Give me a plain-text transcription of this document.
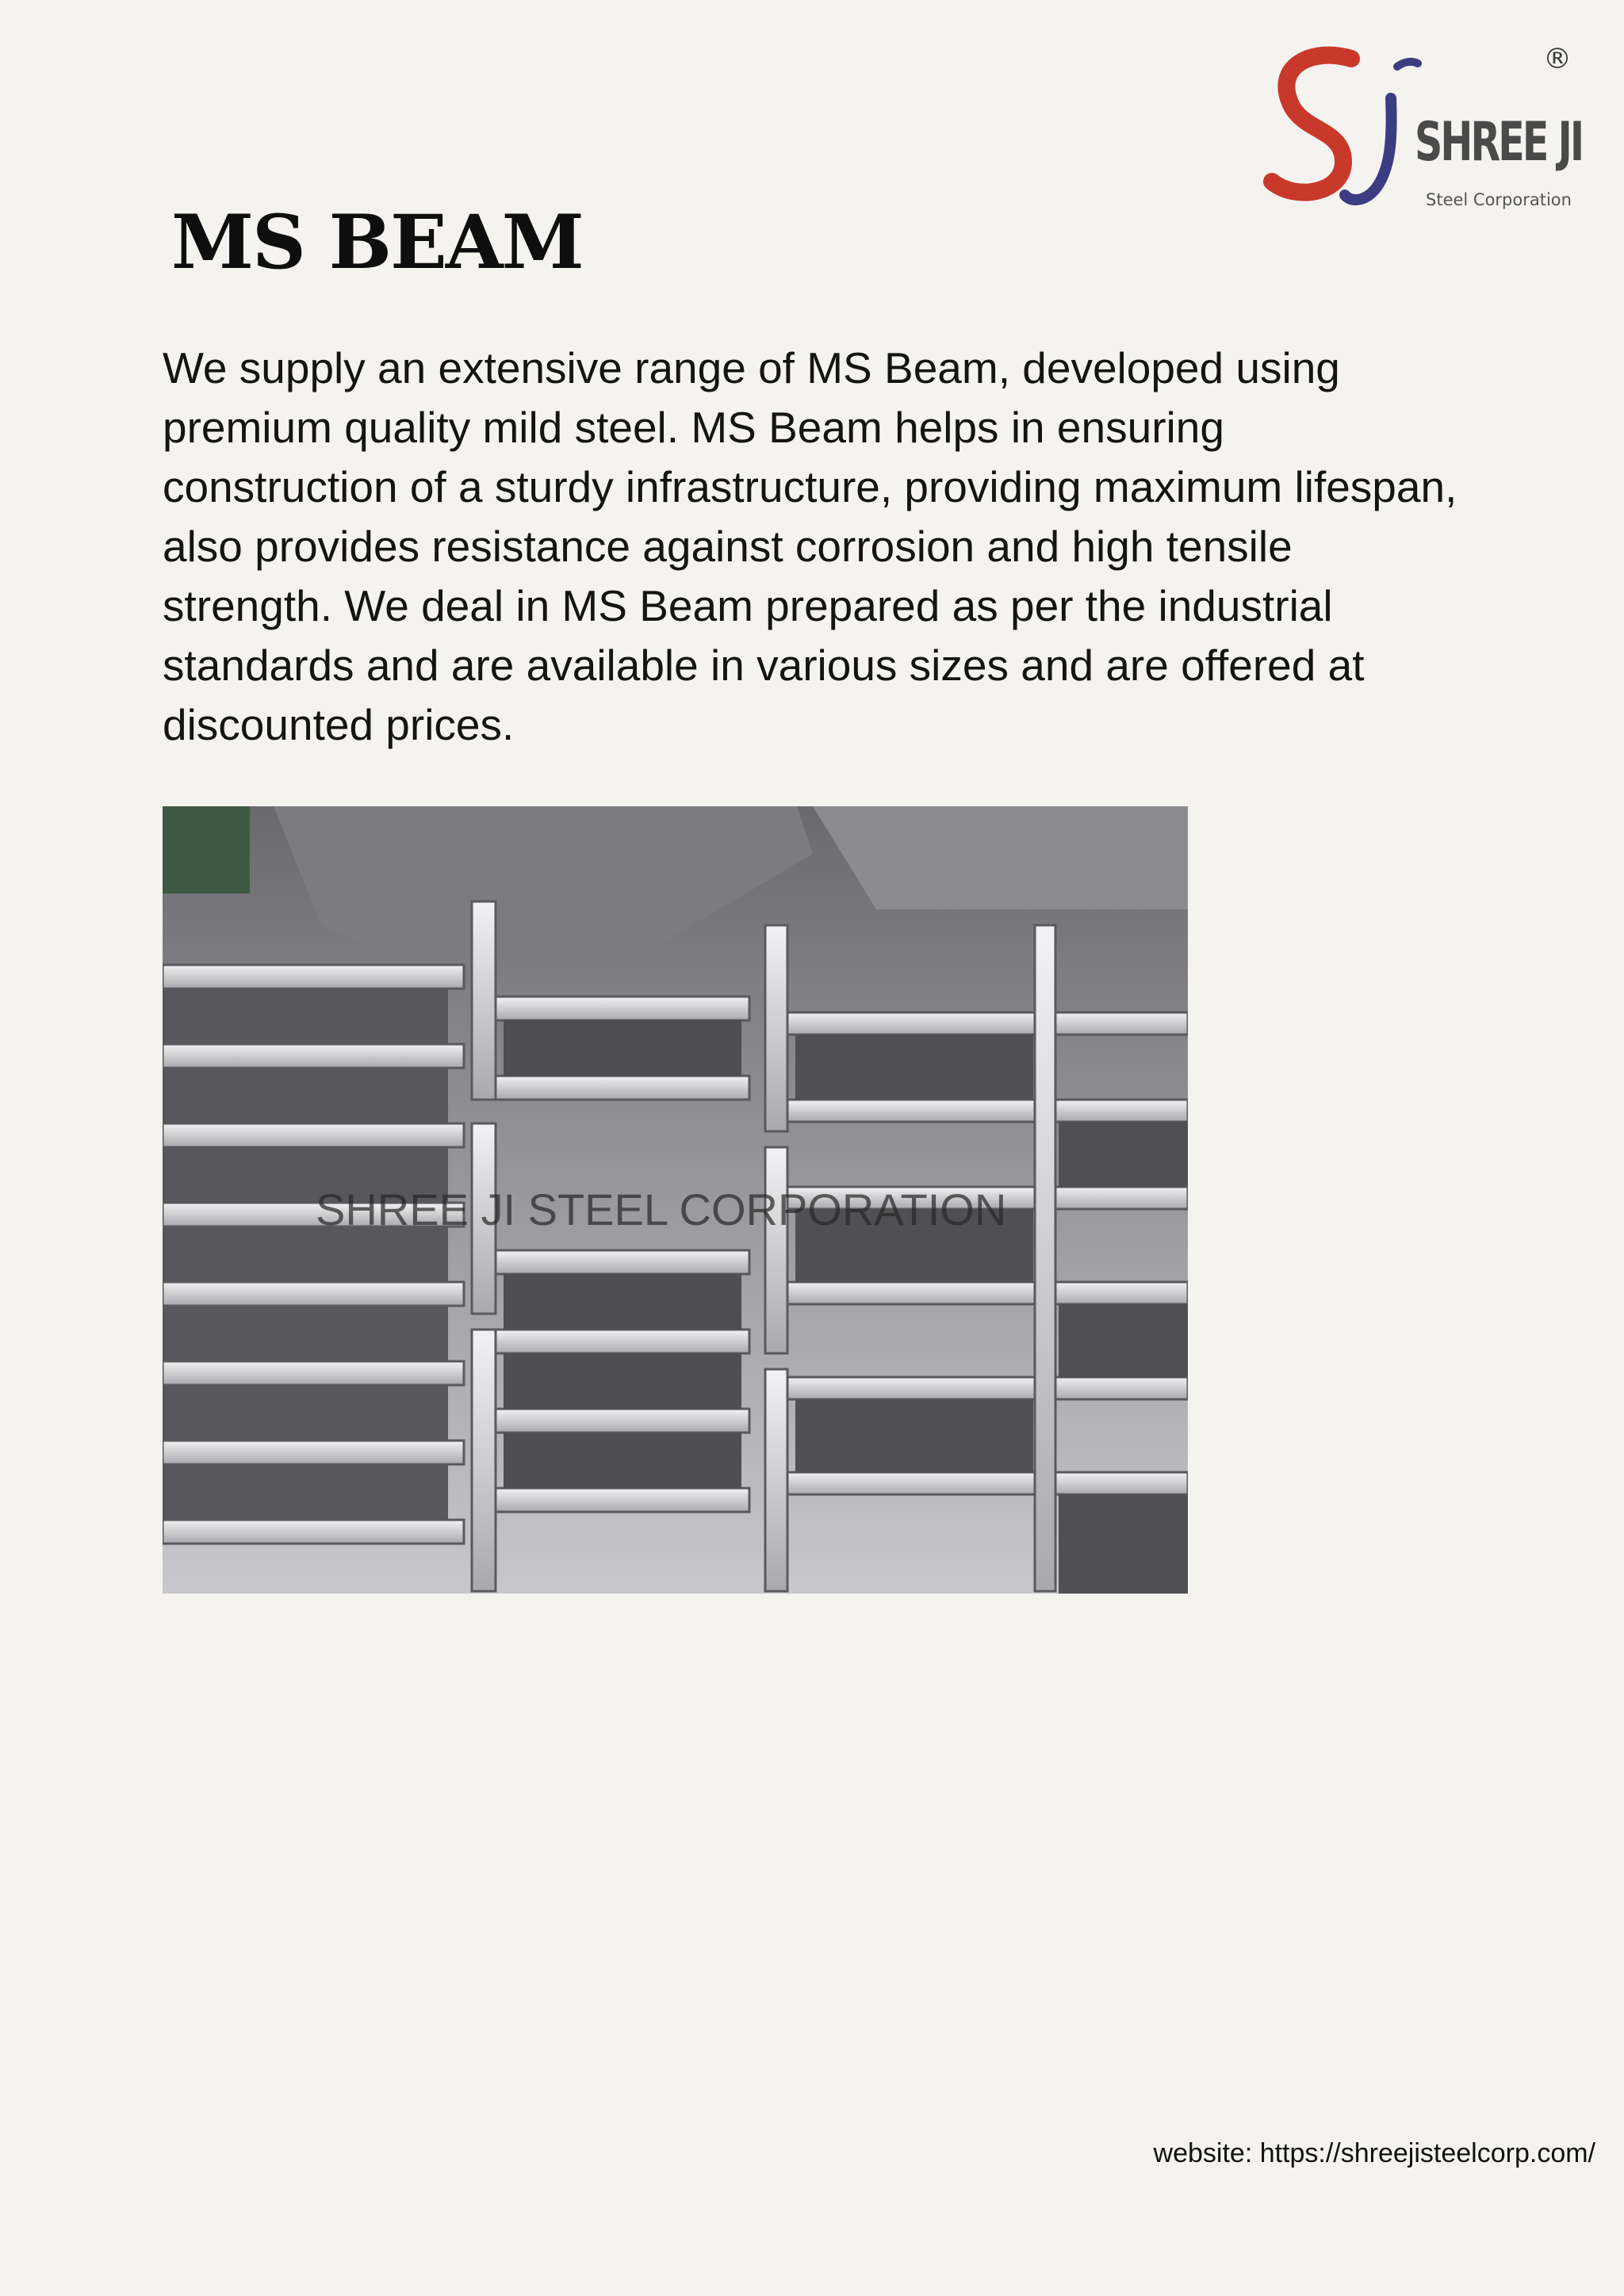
®
SHREE JI
Steel Corporation
MS BEAM

We supply an extensive range of MS Beam, developed using premium quality mild steel. MS Beam helps in ensuring construction of a sturdy infrastructure, providing maximum lifespan, also provides resistance against corrosion and high tensile strength. We deal in MS Beam prepared as per the industrial standards and are available in various sizes and are offered at discounted prices.

SHREE JI STEEL CORPORATION
website: https://shreejisteelcorp.com/
